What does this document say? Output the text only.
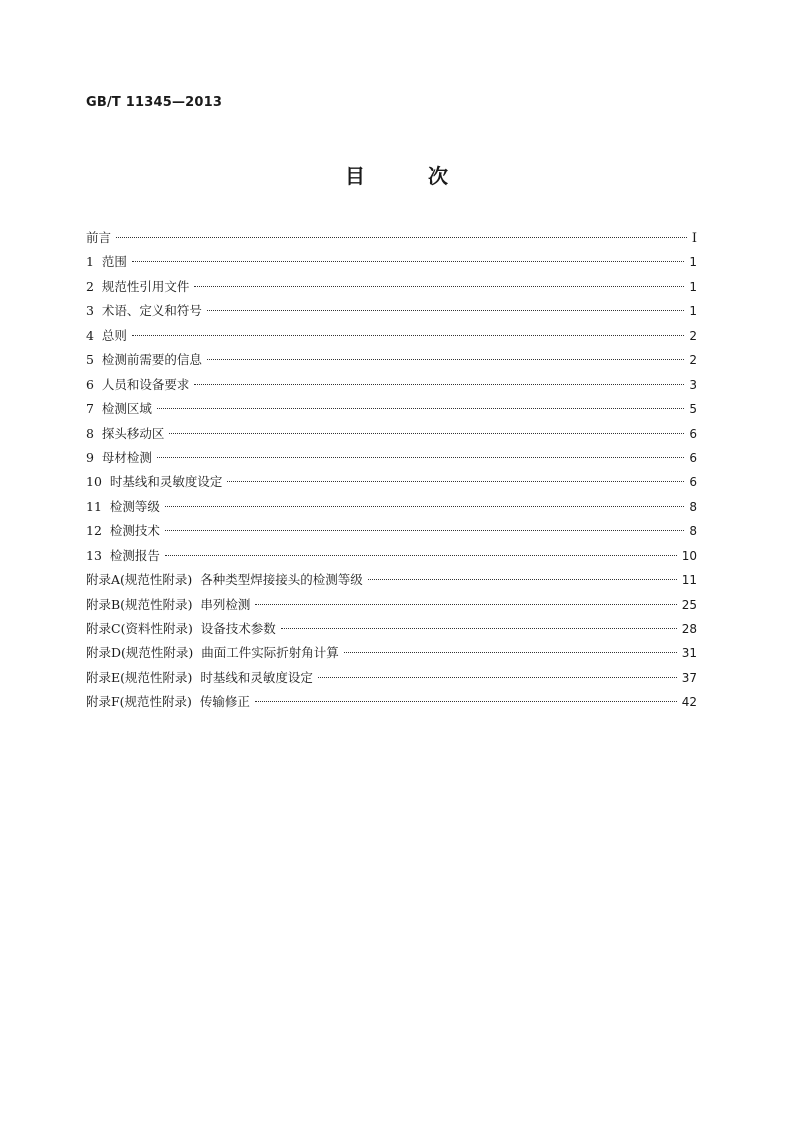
GB/T 11345—2013
目 次
前言	Ⅰ
1  范围	1
2  规范性引用文件	1
3  术语、定义和符号	1
4  总则	2
5  检测前需要的信息	2
6  人员和设备要求	3
7  检测区域	5
8  探头移动区	6
9  母材检测	6
10  时基线和灵敏度设定	6
11  检测等级	8
12  检测技术	8
13  检测报告	10
附录A(规范性附录)  各种类型焊接接头的检测等级	11
附录B(规范性附录)  串列检测	25
附录C(资料性附录)  设备技术参数	28
附录D(规范性附录)  曲面工件实际折射角计算	31
附录E(规范性附录)  时基线和灵敏度设定	37
附录F(规范性附录)  传输修正	42
